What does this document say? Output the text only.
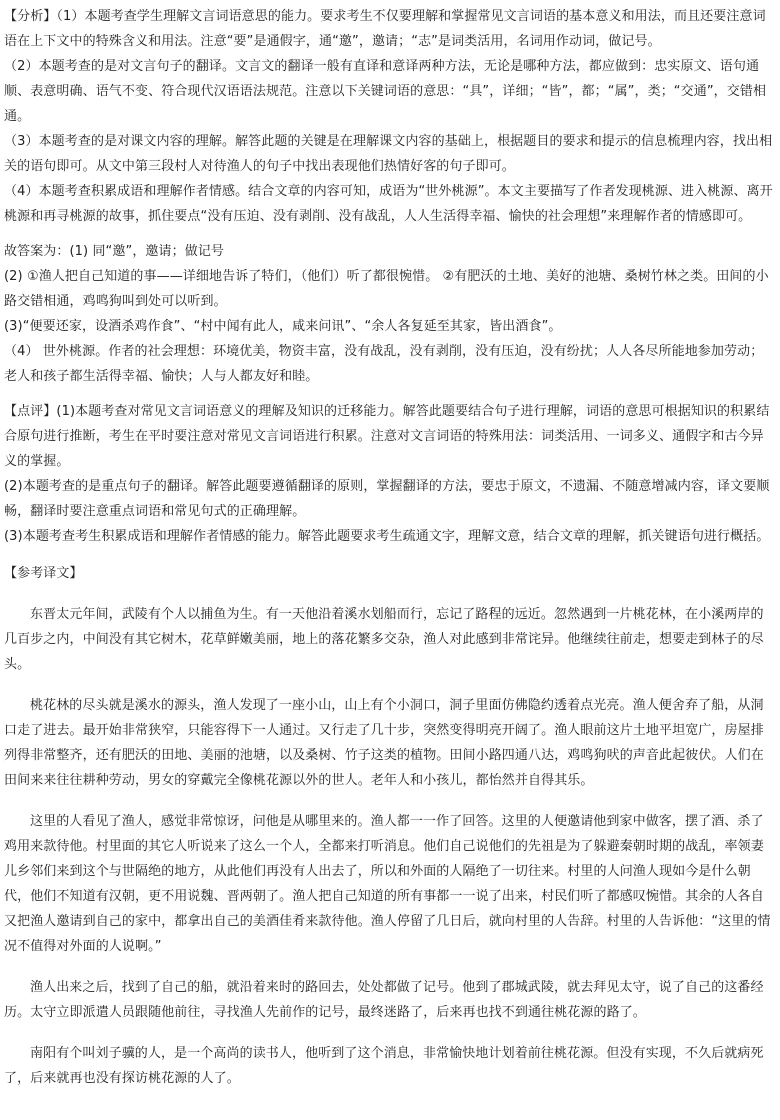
【分析】（1）本题考查学生理解文言词语意思的能力。要求考生不仅要理解和掌握常见文言词语的基本意义和用法，而且还要注意词语在上下文中的特殊含义和用法。注意“要”是通假字，通“邀”，邀请；“志”是词类活用，名词用作动词，做记号。

（2）本题考查的是对文言句子的翻译。文言文的翻译一般有直译和意译两种方法，无论是哪种方法，都应做到：忠实原文、语句通顺、表意明确、语气不变、符合现代汉语语法规范。注意以下关键词语的意思：“具”，详细；“皆”，都；“属”，类；“交通”，交错相通。

（3）本题考查的是对课文内容的理解。解答此题的关键是在理解课文内容的基础上，根据题目的要求和提示的信息梳理内容，找出相关的语句即可。从文中第三段村人对待渔人的句子中找出表现他们热情好客的句子即可。

（4）本题考查积累成语和理解作者情感。结合文章的内容可知，成语为“世外桃源”。本文主要描写了作者发现桃源、进入桃源、离开桃源和再寻桃源的故事，抓住要点“没有压迫、没有剥削、没有战乱，人人生活得幸福、愉快的社会理想”来理解作者的情感即可。

故答案为：(1) 同“邀”，邀请；做记号

(2) ①渔人把自己知道的事——详细地告诉了特们，（他们）听了都很惋惜。 ②有肥沃的土地、美好的池塘、桑树竹林之类。田间的小路交错相通，鸡鸣狗叫到处可以听到。

(3)“便要还家，设酒杀鸡作食”、“村中闻有此人，咸来问讯”、“余人各复延至其家，皆出酒食”。

（4） 世外桃源。作者的社会理想：环境优美，物资丰富，没有战乱，没有剥削，没有压迫，没有纷扰；人人各尽所能地参加劳动；老人和孩子都生活得幸福、愉快；人与人都友好和睦。

【点评】(1)本题考查对常见文言词语意义的理解及知识的迁移能力。解答此题要结合句子进行理解，词语的意思可根据知识的积累结合原句进行推断，考生在平时要注意对常见文言词语进行积累。注意对文言词语的特殊用法：词类活用、一词多义、通假字和古今异义的掌握。

(2)本题考查的是重点句子的翻译。解答此题要遵循翻译的原则，掌握翻译的方法，要忠于原文，不遗漏、不随意增减内容，译文要顺畅，翻译时要注意重点词语和常见句式的正确理解。

(3)本题考查考生积累成语和理解作者情感的能力。解答此题要求考生疏通文字，理解文意，结合文章的理解，抓关键语句进行概括。

【参考译文】

东晋太元年间，武陵有个人以捕鱼为生。有一天他沿着溪水划船而行，忘记了路程的远近。忽然遇到一片桃花林，在小溪两岸的几百步之内，中间没有其它树木，花草鲜嫩美丽，地上的落花繁多交杂，渔人对此感到非常诧异。他继续往前走，想要走到林子的尽头。

桃花林的尽头就是溪水的源头，渔人发现了一座小山，山上有个小洞口，洞子里面仿佛隐约透着点光亮。渔人便舍弃了船，从洞口走了进去。最开始非常狭窄，只能容得下一人通过。又行走了几十步，突然变得明亮开阔了。渔人眼前这片土地平坦宽广，房屋排列得非常整齐，还有肥沃的田地、美丽的池塘，以及桑树、竹子这类的植物。田间小路四通八达，鸡鸣狗吠的声音此起彼伏。人们在田间来来往往耕种劳动，男女的穿戴完全像桃花源以外的世人。老年人和小孩儿，都怡然并自得其乐。

这里的人看见了渔人，感觉非常惊讶，问他是从哪里来的。渔人都一一作了回答。这里的人便邀请他到家中做客，摆了酒、杀了鸡用来款待他。村里面的其它人听说来了这么一个人，全都来打听消息。他们自己说他们的先祖是为了躲避秦朝时期的战乱，率领妻儿乡邻们来到这个与世隔绝的地方，从此他们再没有人出去了，所以和外面的人隔绝了一切往来。村里的人问渔人现如今是什么朝代，他们不知道有汉朝，更不用说魏、晋两朝了。渔人把自己知道的所有事都一一说了出来，村民们听了都感叹惋惜。其余的人各自又把渔人邀请到自己的家中，都拿出自己的美酒佳肴来款待他。渔人停留了几日后，就向村里的人告辞。村里的人告诉他：“这里的情况不值得对外面的人说啊。”

渔人出来之后，找到了自己的船，就沿着来时的路回去，处处都做了记号。他到了郡城武陵，就去拜见太守，说了自己的这番经历。太守立即派遣人员跟随他前往，寻找渔人先前作的记号，最终迷路了，后来再也找不到通往桃花源的路了。

南阳有个叫刘子骥的人，是一个高尚的读书人，他听到了这个消息，非常愉快地计划着前往桃花源。但没有实现，不久后就病死了，后来就再也没有探访桃花源的人了。
